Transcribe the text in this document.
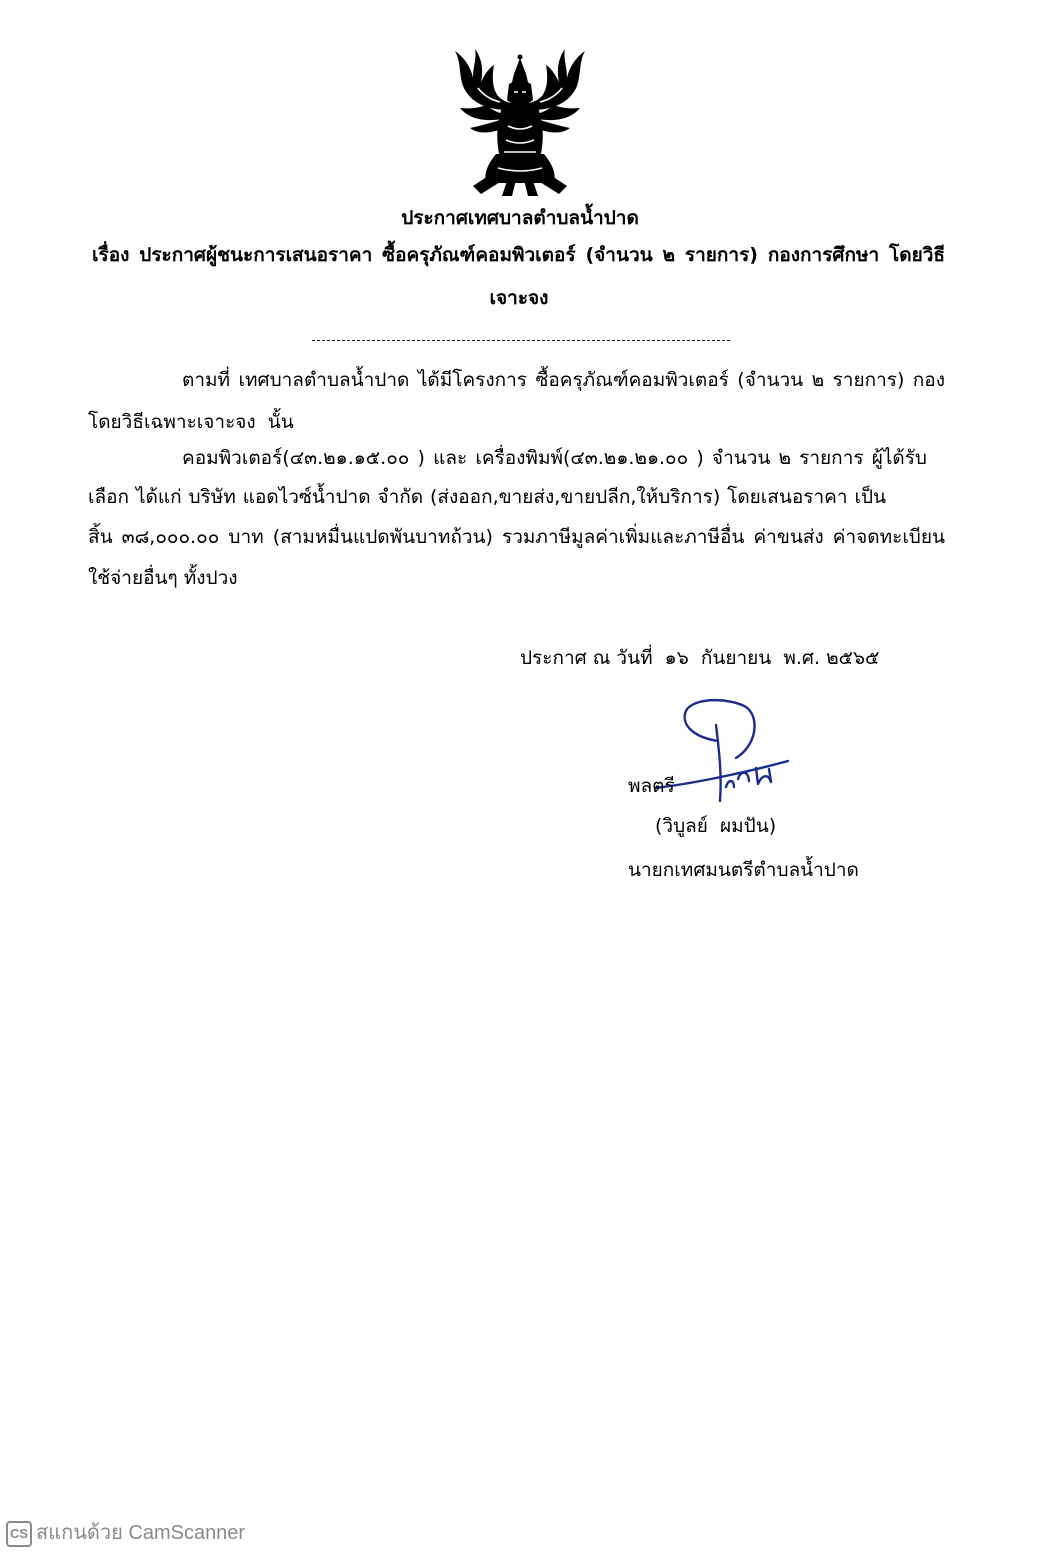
ประกาศเทศบาลตำบลน้ำปาด
เรื่อง ประกาศผู้ชนะการเสนอราคา ซื้อครุภัณฑ์คอมพิวเตอร์ (จำนวน ๒ รายการ) กองการศึกษา โดยวิธี
เจาะจง
ตามที่ เทศบาลตำบลน้ำปาด ได้มีโครงการ ซื้อครุภัณฑ์คอมพิวเตอร์ (จำนวน ๒ รายการ) กอง
โดยวิธีเฉพาะเจาะจง  นั้น
คอมพิวเตอร์(๔๓.๒๑.๑๕.๐๐ ) และ เครื่องพิมพ์(๔๓.๒๑.๒๑.๐๐ ) จำนวน ๒ รายการ ผู้ได้รับ
เลือก ได้แก่ บริษัท แอดไวซ์น้ำปาด จำกัด (ส่งออก,ขายส่ง,ขายปลีก,ให้บริการ) โดยเสนอราคา เป็น
สิ้น ๓๘,๐๐๐.๐๐ บาท (สามหมื่นแปดพันบาทถ้วน) รวมภาษีมูลค่าเพิ่มและภาษีอื่น ค่าขนส่ง ค่าจดทะเบียน
ใช้จ่ายอื่นๆ ทั้งปวง
ประกาศ ณ วันที่  ๑๖  กันยายน  พ.ศ. ๒๕๖๕
พลตรี
(วิบูลย์  ผมปัน)
นายกเทศมนตรีตำบลน้ำปาด
CS สแกนด้วย CamScanner
